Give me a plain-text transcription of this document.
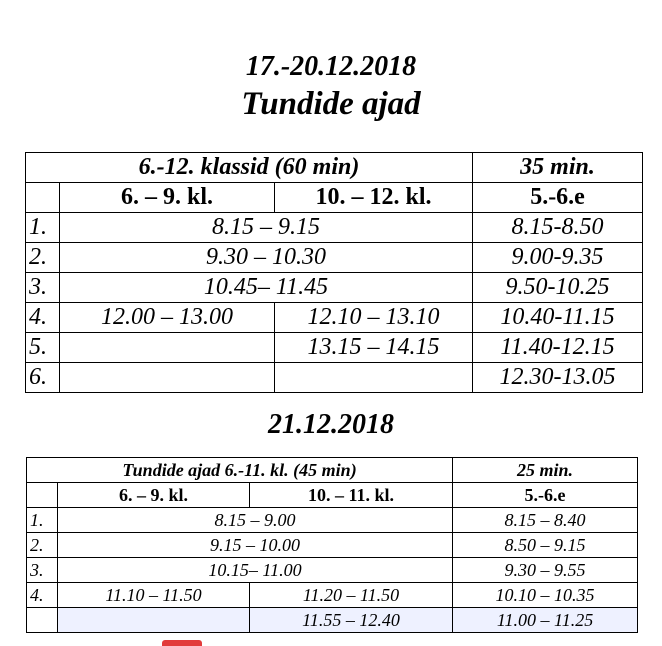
17.-20.12.2018
Tundide ajad
6.-12. klassid (60 min)			35 min.
	6. – 9. kl.	10. – 12. kl.	5.-6.e
1.	8.15 – 9.15		8.15-8.50
2.	9.30 – 10.30		9.00-9.35
3.	10.45– 11.45		9.50-10.25
4.	12.00 – 13.00	12.10 – 13.10	10.40-11.15
5.		13.15 – 14.15	11.40-12.15
6.			12.30-13.05
21.12.2018
Tundide ajad 6.-11. kl. (45 min)			25 min.
	6. – 9. kl.	10. – 11. kl.	5.-6.e
1.	8.15 – 9.00		8.15 – 8.40
2.	9.15 – 10.00		8.50 – 9.15
3.	10.15– 11.00		9.30 – 9.55
4.	11.10 – 11.50	11.20 – 11.50	10.10 – 10.35
		11.55 – 12.40	11.00 – 11.25
